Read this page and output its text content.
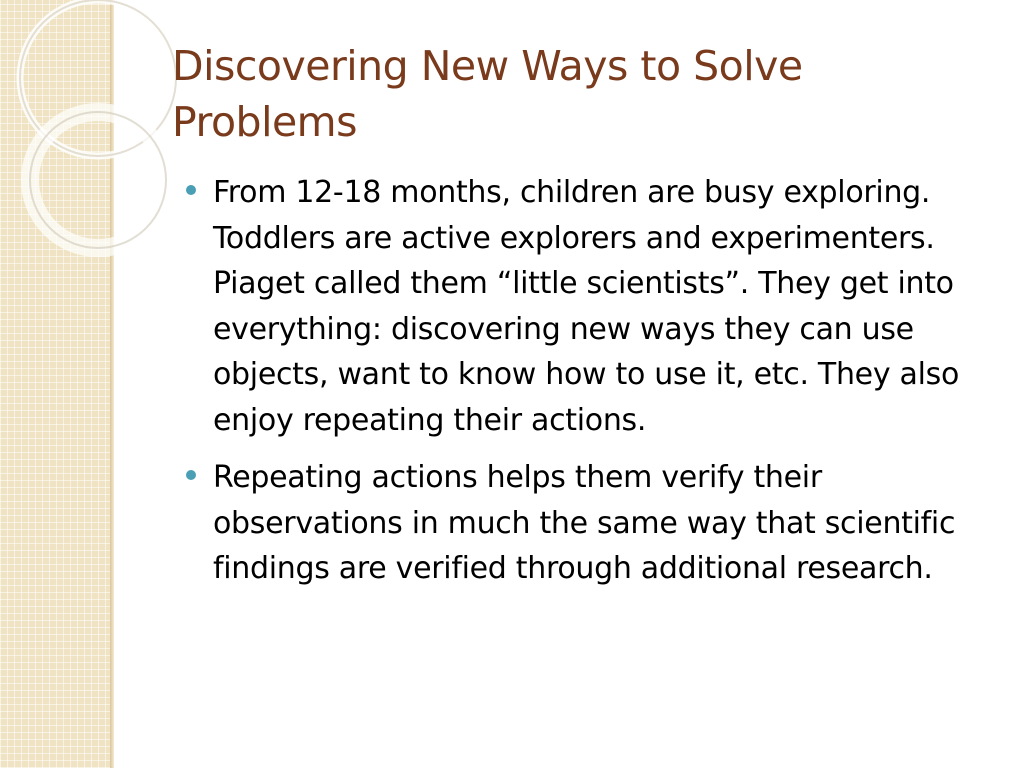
Discovering New Ways to Solve Problems
From 12-18 months, children are busy exploring. Toddlers are active explorers and experimenters. Piaget called them “little scientists”. They get into everything: discovering new ways they can use objects, want to know how to use it, etc. They also enjoy repeating their actions.
Repeating actions helps them verify their observations in much the same way that scientific findings are verified through additional research.
